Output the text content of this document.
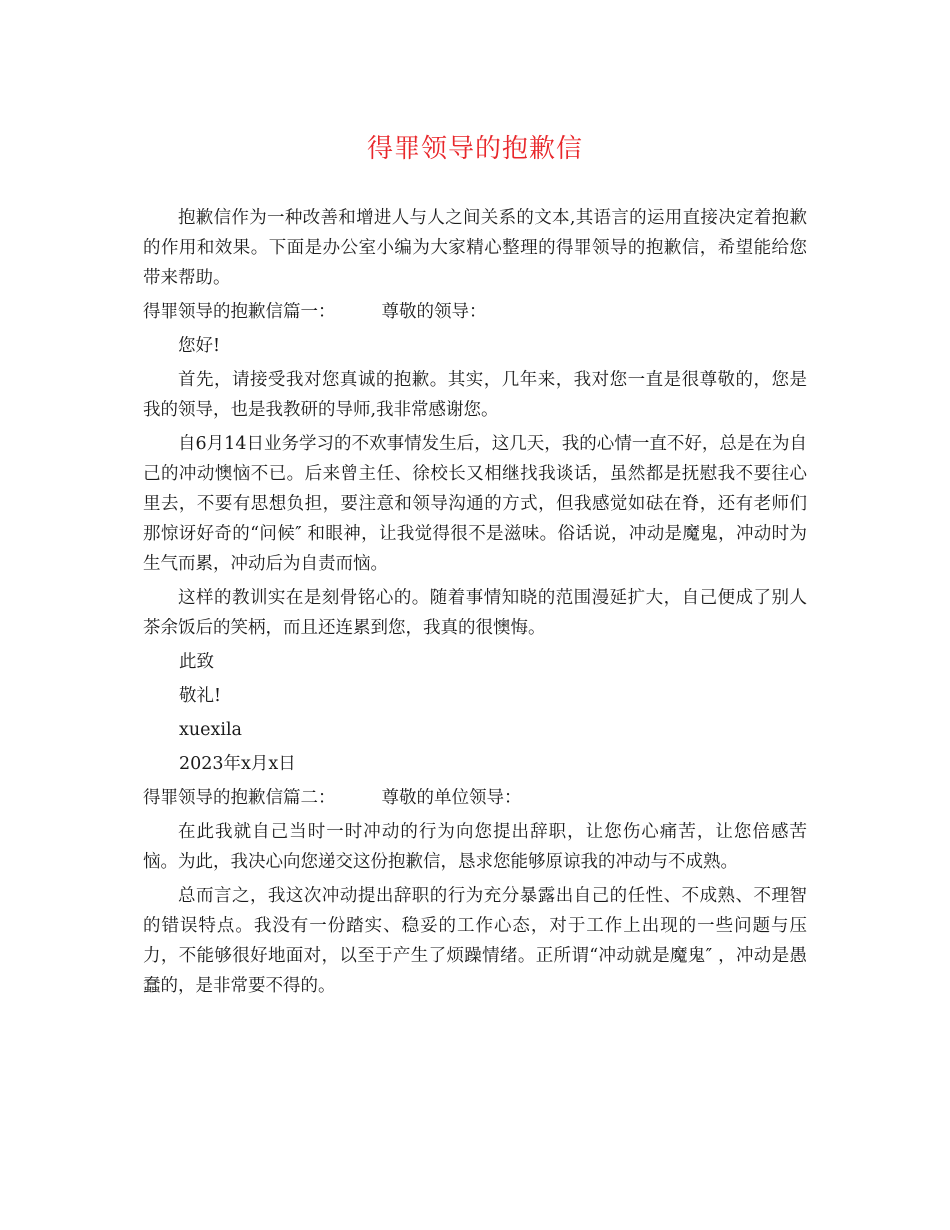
得罪领导的抱歉信

抱歉信作为一种改善和增进人与人之间关系的文本,其语言的运用直接决定着抱歉的作用和效果。下面是办公室小编为大家精心整理的得罪领导的抱歉信，希望能给您带来帮助。

得罪领导的抱歉信篇一：	尊敬的领导：

您好!

首先，请接受我对您真诚的抱歉。其实，几年来，我对您一直是很尊敬的，您是我的领导，也是我教研的导师,我非常感谢您。

自6月14日业务学习的不欢事情发生后，这几天，我的心情一直不好，总是在为自己的冲动懊恼不已。后来曾主任、徐校长又相继找我谈话，虽然都是抚慰我不要往心里去，不要有思想负担，要注意和领导沟通的方式，但我感觉如砝在脊，还有老师们那惊讶好奇的“问候″ 和眼神，让我觉得很不是滋味。俗话说，冲动是魔鬼，冲动时为生气而累，冲动后为自责而恼。

这样的教训实在是刻骨铭心的。随着事情知晓的范围漫延扩大，自己便成了别人茶余饭后的笑柄，而且还连累到您，我真的很懊悔。

此致

敬礼!

xuexila

2023年x月x日

得罪领导的抱歉信篇二：	尊敬的单位领导：

在此我就自己当时一时冲动的行为向您提出辞职，让您伤心痛苦，让您倍感苦恼。为此，我决心向您递交这份抱歉信，恳求您能够原谅我的冲动与不成熟。

总而言之，我这次冲动提出辞职的行为充分暴露出自己的任性、不成熟、不理智的错误特点。我没有一份踏实、稳妥的工作心态，对于工作上出现的一些问题与压力，不能够很好地面对，以至于产生了烦躁情绪。正所谓“冲动就是魔鬼″ ，冲动是愚蠢的，是非常要不得的。
